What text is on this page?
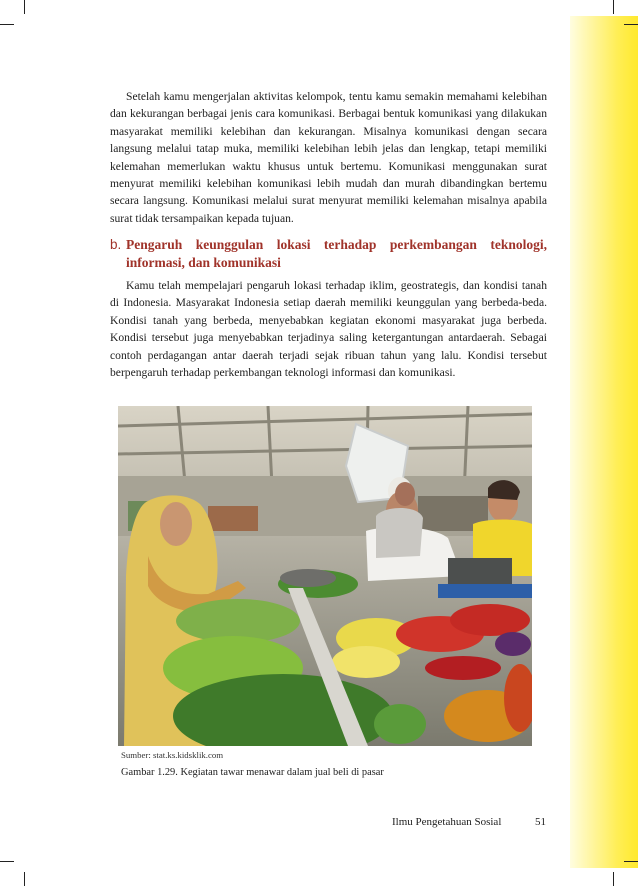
Setelah kamu mengerjalan aktivitas kelompok, tentu kamu semakin memahami kelebihan dan kekurangan berbagai jenis cara komunikasi. Berbagai bentuk komunikasi yang dilakukan masyarakat memiliki kelebihan dan kekurangan. Misalnya komunikasi dengan secara langsung melalui tatap muka, memiliki kelebihan lebih jelas dan lengkap, tetapi memiliki kelemahan memerlukan waktu khusus untuk bertemu. Komunikasi menggunakan surat menyurat memiliki kelebihan komunikasi lebih mudah dan murah dibandingkan bertemu secara langsung. Komunikasi melalui surat menyurat memiliki kelemahan misalnya apabila surat tidak tersampaikan kepada tujuan.

b. Pengaruh keunggulan lokasi terhadap perkembangan teknologi, informasi, dan komunikasi

Kamu telah mempelajari pengaruh lokasi terhadap iklim, geostrategis, dan kondisi tanah di Indonesia. Masyarakat Indonesia setiap daerah memiliki keunggulan yang berbeda-beda. Kondisi tanah yang berbeda, menyebabkan kegiatan ekonomi masyarakat juga berbeda. Kondisi tersebut juga menyebabkan terjadinya saling ketergantungan antardaerah. Sebagai contoh perdagangan antar daerah terjadi sejak ribuan tahun yang lalu. Kondisi tersebut berpengaruh terhadap perkembangan teknologi informasi dan komunikasi.

Sumber: stat.ks.kidsklik.com
Gambar 1.29. Kegiatan tawar menawar dalam jual beli di pasar
Ilmu Pengetahuan Sosial	51
